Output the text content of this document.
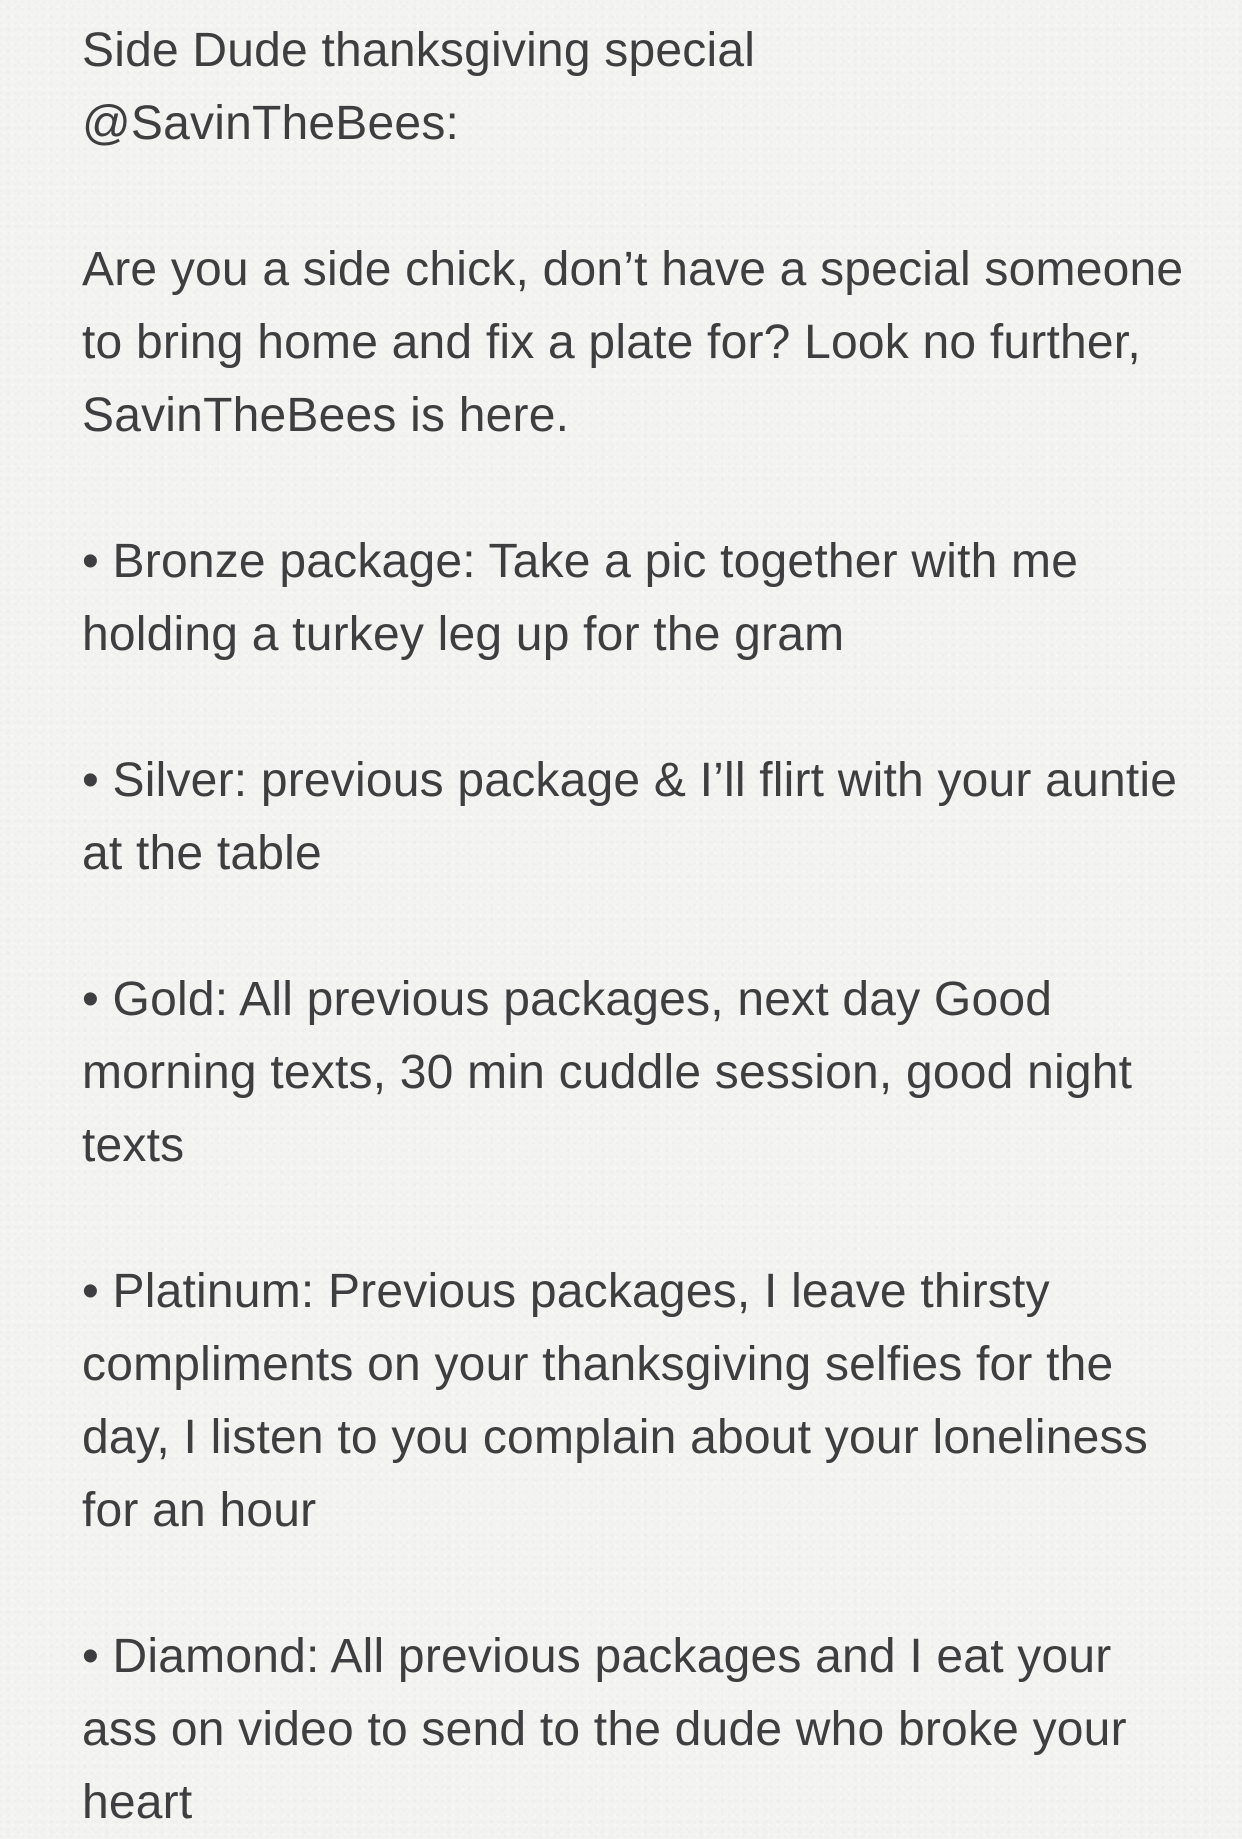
Side Dude thanksgiving special

@SavinTheBees:

Are you a side chick, don’t have a special someone to bring home and fix a plate for? Look no further, SavinTheBees is here.

• Bronze package: Take a pic together with me holding a turkey leg up for the gram

• Silver: previous package & I’ll flirt with your auntie at the table

• Gold: All previous packages, next day Good morning texts, 30 min cuddle session, good night texts

• Platinum: Previous packages, I leave thirsty compliments on your thanksgiving selfies for the day, I listen to you complain about your loneliness for an hour

• Diamond: All previous packages and I eat your ass on video to send to the dude who broke your heart
